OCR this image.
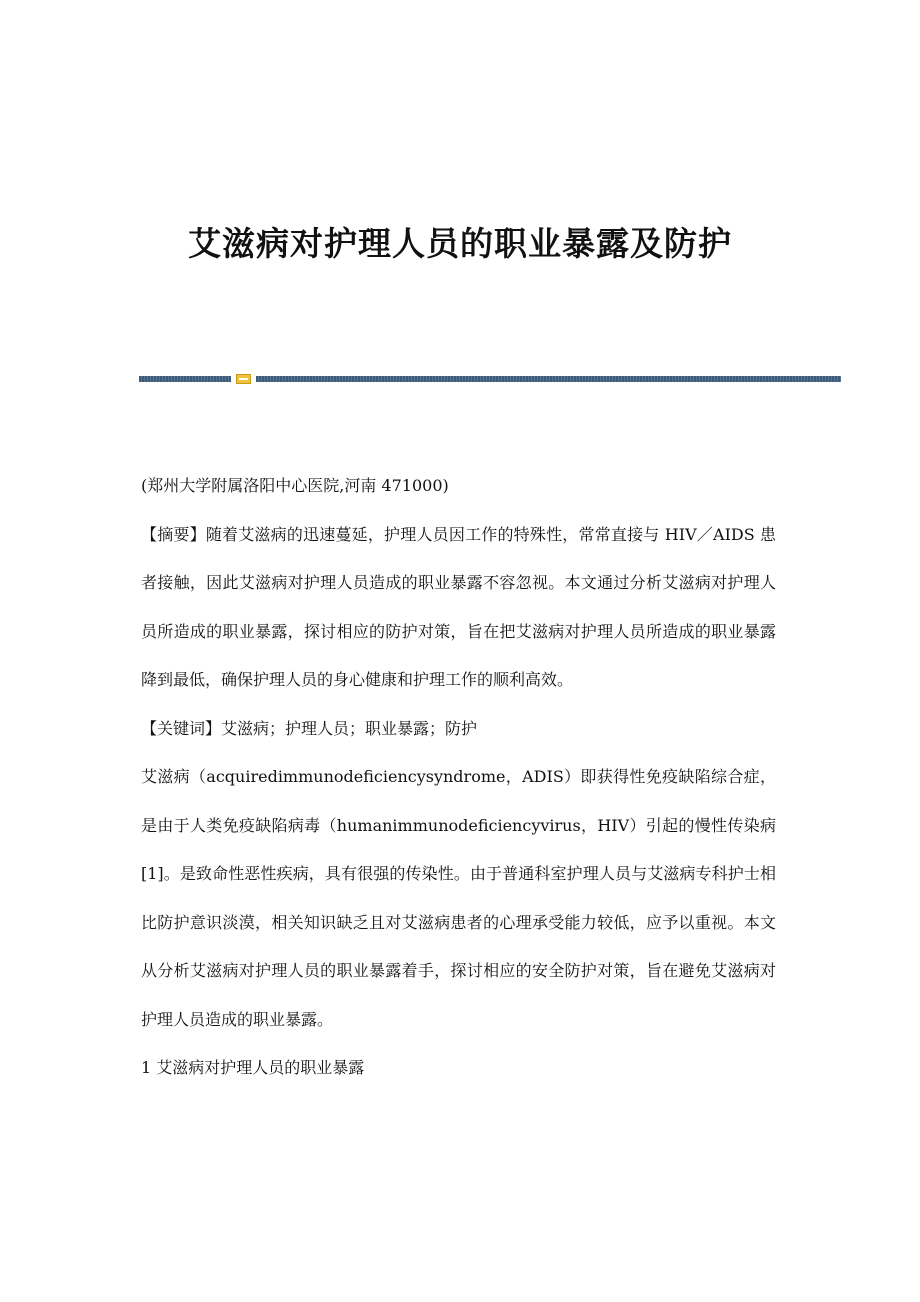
艾滋病对护理人员的职业暴露及防护

(郑州大学附属洛阳中心医院,河南 471000)

【摘要】随着艾滋病的迅速蔓延，护理人员因工作的特殊性，常常直接与 HIV／AIDS 患者接触，因此艾滋病对护理人员造成的职业暴露不容忽视。本文通过分析艾滋病对护理人员所造成的职业暴露，探讨相应的防护对策，旨在把艾滋病对护理人员所造成的职业暴露降到最低，确保护理人员的身心健康和护理工作的顺利高效。

【关键词】艾滋病；护理人员；职业暴露；防护

艾滋病（acquiredimmunodeficiencysyndrome，ADIS）即获得性免疫缺陷综合症，是由于人类免疫缺陷病毒（humanimmunodeficiencyvirus，HIV）引起的慢性传染病[1]。是致命性恶性疾病，具有很强的传染性。由于普通科室护理人员与艾滋病专科护士相比防护意识淡漠，相关知识缺乏且对艾滋病患者的心理承受能力较低，应予以重视。本文从分析艾滋病对护理人员的职业暴露着手，探讨相应的安全防护对策，旨在避免艾滋病对护理人员造成的职业暴露。

1 艾滋病对护理人员的职业暴露
